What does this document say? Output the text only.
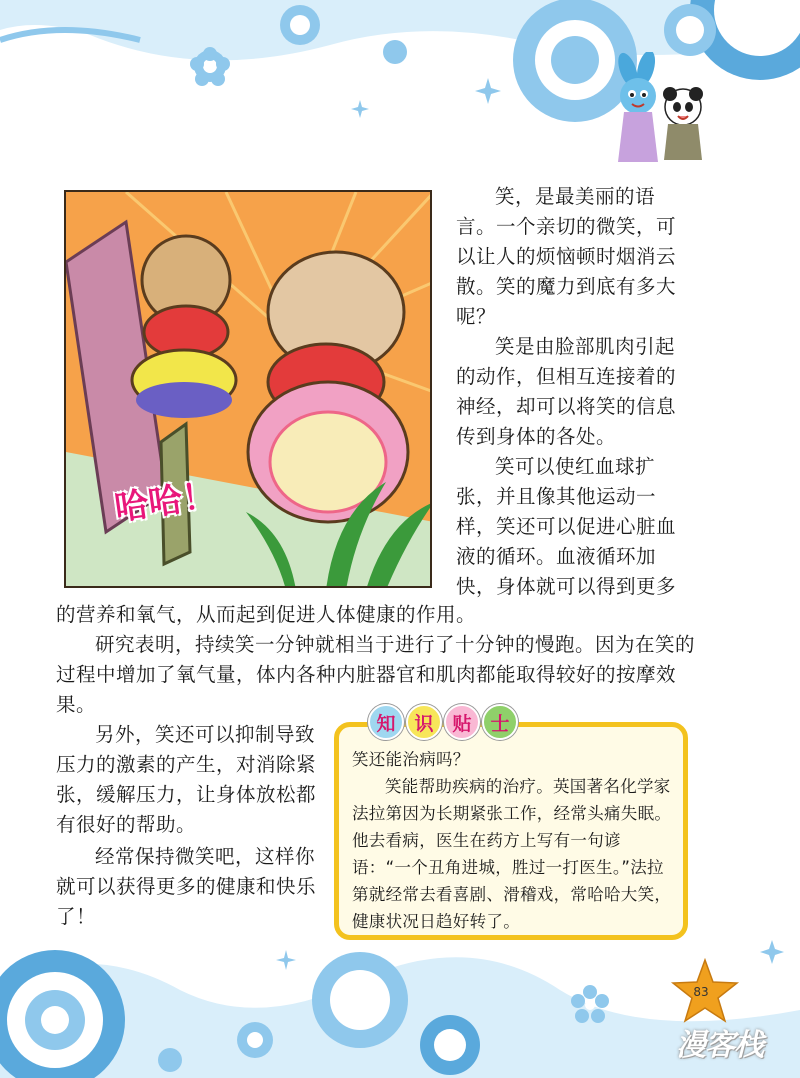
哈哈！

笑，是最美丽的语言。一个亲切的微笑，可以让人的烦恼顿时烟消云散。笑的魔力到底有多大呢？

笑是由脸部肌肉引起的动作，但相互连接着的神经，却可以将笑的信息传到身体的各处。

笑可以使红血球扩张，并且像其他运动一样，笑还可以促进心脏血液的循环。血液循环加快，身体就可以得到更多

的营养和氧气，从而起到促进人体健康的作用。

研究表明，持续笑一分钟就相当于进行了十分钟的慢跑。因为在笑的过程中增加了氧气量，体内各种内脏器官和肌肉都能取得较好的按摩效果。

另外，笑还可以抑制导致压力的激素的产生，对消除紧张，缓解压力，让身体放松都有很好的帮助。

经常保持微笑吧，这样你就可以获得更多的健康和快乐了！

知 识 贴 士
笑还能治病吗？
笑能帮助疾病的治疗。英国著名化学家法拉第因为长期紧张工作，经常头痛失眠。他去看病，医生在药方上写有一句谚语：“一个丑角进城，胜过一打医生。”法拉第就经常去看喜剧、滑稽戏，常哈哈大笑，健康状况日趋好转了。
83
漫客栈
